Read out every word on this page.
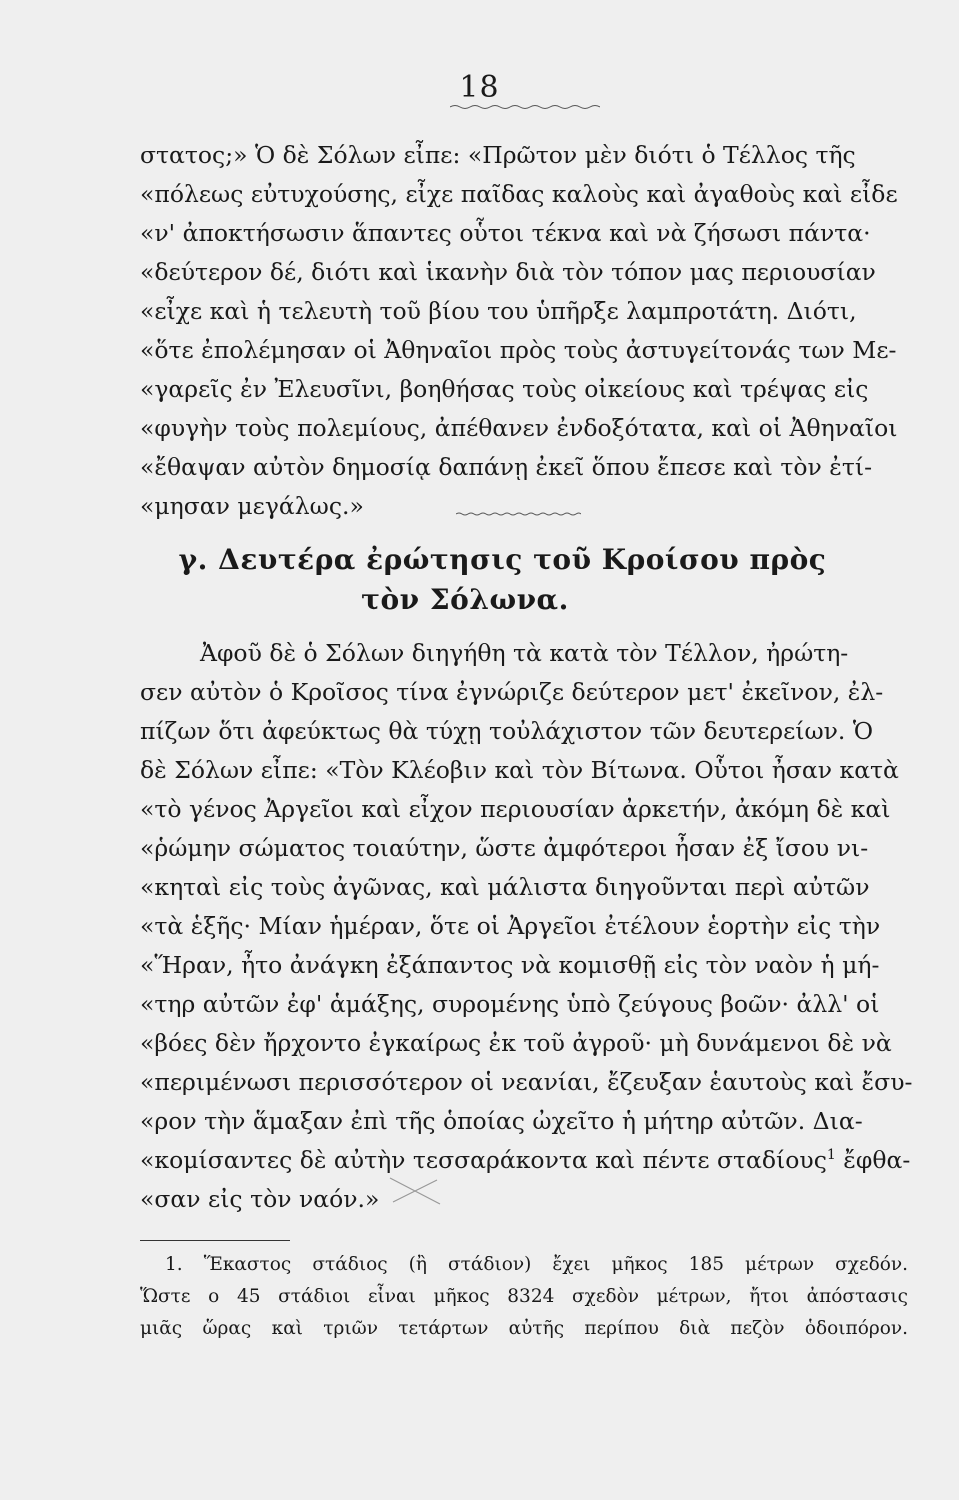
18
στατος;» Ὁ δὲ Σόλων εἶπε: «Πρῶτον μὲν διότι ὁ Τέλλος τῆς
«πόλεως εὐτυχούσης, εἶχε παῖδας καλοὺς καὶ ἀγαθοὺς καὶ εἶδε
«ν' ἀποκτήσωσιν ἅπαντες οὗτοι τέκνα καὶ νὰ ζήσωσι πάντα·
«δεύτερον δέ, διότι καὶ ἱκανὴν διὰ τὸν τόπον μας περιουσίαν
«εἶχε καὶ ἡ τελευτὴ τοῦ βίου του ὑπῆρξε λαμπροτάτη. Διότι,
«ὅτε ἐπολέμησαν οἱ Ἀθηναῖοι πρὸς τοὺς ἀστυγείτονάς των Με-
«γαρεῖς ἐν Ἐλευσῖνι, βοηθήσας τοὺς οἰκείους καὶ τρέψας εἰς
«φυγὴν τοὺς πολεμίους, ἀπέθανεν ἐνδοξότατα, καὶ οἱ Ἀθηναῖοι
«ἔθαψαν αὐτὸν δημοσίᾳ δαπάνῃ ἐκεῖ ὅπου ἔπεσε καὶ τὸν ἐτί-
«μησαν μεγάλως.»
γ. Δευτέρα ἐρώτησις τοῦ Κροίσου πρὸς
τὸν Σόλωνα.
Ἀφοῦ δὲ ὁ Σόλων διηγήθη τὰ κατὰ τὸν Τέλλον, ἠρώτη-
σεν αὐτὸν ὁ Κροῖσος τίνα ἐγνώριζε δεύτερον μετ' ἐκεῖνον, ἐλ-
πίζων ὅτι ἀφεύκτως θὰ τύχῃ τοὐλάχιστον τῶν δευτερείων. Ὁ
δὲ Σόλων εἶπε: «Τὸν Κλέοβιν καὶ τὸν Βίτωνα. Οὗτοι ἦσαν κατὰ
«τὸ γένος Ἀργεῖοι καὶ εἶχον περιουσίαν ἀρκετήν, ἀκόμη δὲ καὶ
«ῥώμην σώματος τοιαύτην, ὥστε ἀμφότεροι ἦσαν ἐξ ἴσου νι-
«κηταὶ εἰς τοὺς ἀγῶνας, καὶ μάλιστα διηγοῦνται περὶ αὐτῶν
«τὰ ἑξῆς· Μίαν ἡμέραν, ὅτε οἱ Ἀργεῖοι ἐτέλουν ἑορτὴν εἰς τὴν
«Ἥραν, ἦτο ἀνάγκη ἐξάπαντος νὰ κομισθῇ εἰς τὸν ναὸν ἡ μή-
«τηρ αὐτῶν ἐφ' ἁμάξης, συρομένης ὑπὸ ζεύγους βοῶν· ἀλλ' οἱ
«βόες δὲν ἤρχοντο ἐγκαίρως ἐκ τοῦ ἀγροῦ· μὴ δυνάμενοι δὲ νὰ
«περιμένωσι περισσότερον οἱ νεανίαι, ἔζευξαν ἑαυτοὺς καὶ ἔσυ-
«ρον τὴν ἅμαξαν ἐπὶ τῆς ὁποίας ὠχεῖτο ἡ μήτηρ αὐτῶν. Δια-
«κομίσαντες δὲ αὐτὴν τεσσαράκοντα καὶ πέντε σταδίους$^1$ ἔφθα-
«σαν εἰς τὸν ναόν.»
1. Ἕκαστος στάδιος (ἢ στάδιον) ἔχει μῆκος 185 μέτρων σχεδόν.
Ὥστε ο 45 στάδιοι εἶναι μῆκος 8324 σχεδὸν μέτρων, ἤτοι ἀπόστασις
μιᾶς ὥρας καὶ τριῶν τετάρτων αὐτῆς περίπου διὰ πεζὸν ὁδοιπόρον.
